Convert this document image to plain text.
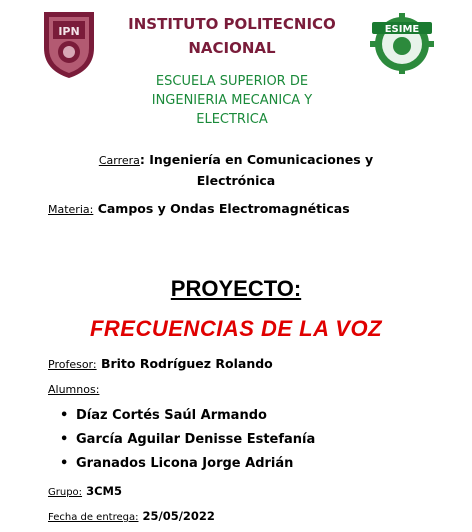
IPN	INSTITUTO POLITECNICO
NACIONAL
ESIME
ESCUELA SUPERIOR DE
INGENIERIA MECANICA Y
ELECTRICA
Carrera: Ingeniería en Comunicaciones y
Electrónica
Materia: Campos y Ondas Electromagnéticas
PROYECTO:
FRECUENCIAS DE LA VOZ
Profesor: Brito Rodríguez Rolando
Alumnos:
• Díaz Cortés Saúl Armando
• García Aguilar Denisse Estefanía
• Granados Licona Jorge Adrián
Grupo: 3CM5
Fecha de entrega: 25/05/2022
